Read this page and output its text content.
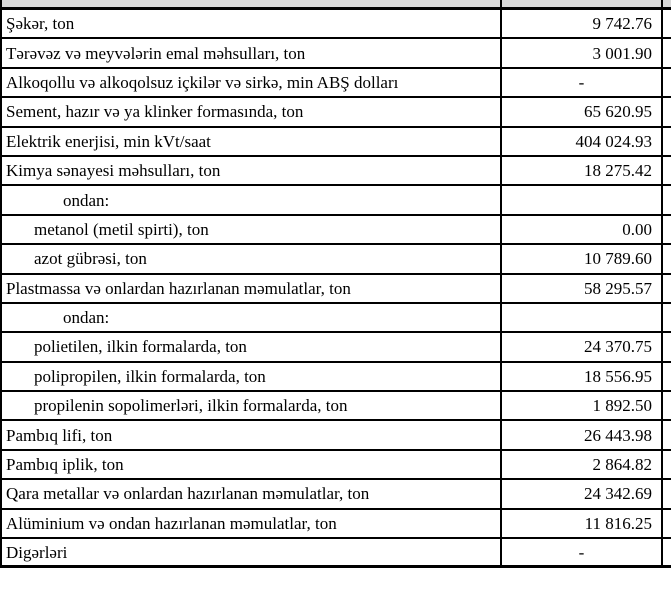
Şəkər, ton	9 742.76
Tərəvəz və meyvələrin emal məhsulları, ton	3 001.90
Alkoqollu və alkoqolsuz içkilər və sirkə, min ABŞ dolları	-
Sement, hazır və ya klinker formasında, ton	65 620.95
Elektrik enerjisi, min kVt/saat	404 024.93
Kimya sənayesi məhsulları, ton	18 275.42
ondan:
metanol (metil spirti), ton	0.00
azot gübrəsi, ton	10 789.60
Plastmassa və onlardan hazırlanan məmulatlar, ton	58 295.57
ondan:
polietilen, ilkin formalarda, ton	24 370.75
polipropilen, ilkin formalarda, ton	18 556.95
propilenin sopolimerləri, ilkin formalarda, ton	1 892.50
Pambıq lifi, ton	26 443.98
Pambıq iplik, ton	2 864.82
Qara metallar və onlardan hazırlanan məmulatlar, ton	24 342.69
Alüminium və ondan hazırlanan məmulatlar, ton	11 816.25
Digərləri	-
